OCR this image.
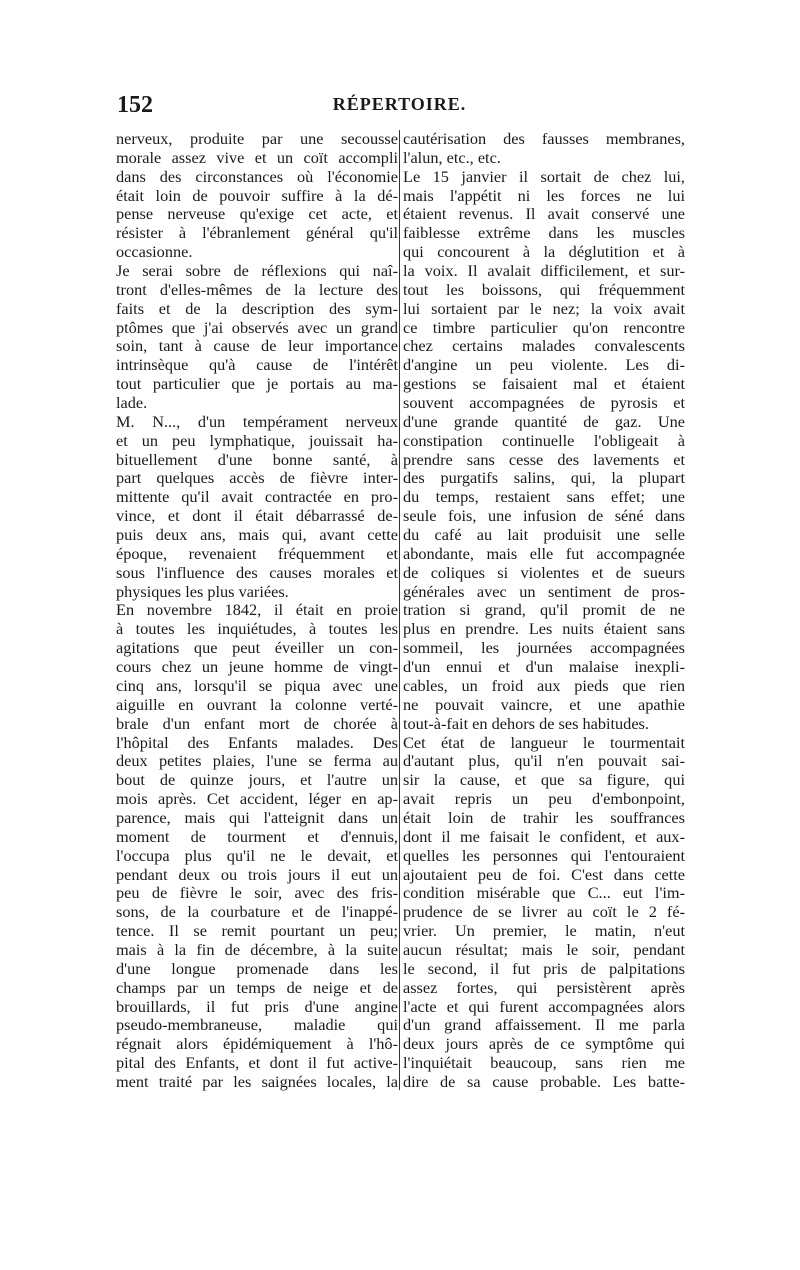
152	RÉPERTOIRE.
nerveux, produite par une secousse
morale assez vive et un coït accompli
dans des circonstances où l'économie
était loin de pouvoir suffire à la dé-
pense nerveuse qu'exige cet acte, et
résister à l'ébranlement général qu'il
occasionne.
Je serai sobre de réflexions qui naî-
tront d'elles-mêmes de la lecture des
faits et de la description des sym-
ptômes que j'ai observés avec un grand
soin, tant à cause de leur importance
intrinsèque qu'à cause de l'intérêt
tout particulier que je portais au ma-
lade.
M. N..., d'un tempérament nerveux
et un peu lymphatique, jouissait ha-
bituellement d'une bonne santé, à
part quelques accès de fièvre inter-
mittente qu'il avait contractée en pro-
vince, et dont il était débarrassé de-
puis deux ans, mais qui, avant cette
époque, revenaient fréquemment et
sous l'influence des causes morales et
physiques les plus variées.
En novembre 1842, il était en proie
à toutes les inquiétudes, à toutes les
agitations que peut éveiller un con-
cours chez un jeune homme de vingt-
cinq ans, lorsqu'il se piqua avec une
aiguille en ouvrant la colonne verté-
brale d'un enfant mort de chorée à
l'hôpital des Enfants malades. Des
deux petites plaies, l'une se ferma au
bout de quinze jours, et l'autre un
mois après. Cet accident, léger en ap-
parence, mais qui l'atteignit dans un
moment de tourment et d'ennuis,
l'occupa plus qu'il ne le devait, et
pendant deux ou trois jours il eut un
peu de fièvre le soir, avec des fris-
sons, de la courbature et de l'inappé-
tence. Il se remit pourtant un peu;
mais à la fin de décembre, à la suite
d'une longue promenade dans les
champs par un temps de neige et de
brouillards, il fut pris d'une angine
pseudo-membraneuse, maladie qui
régnait alors épidémiquement à l'hô-
pital des Enfants, et dont il fut active-
ment traité par les saignées locales, la
cautérisation des fausses membranes,
l'alun, etc., etc.
Le 15 janvier il sortait de chez lui,
mais l'appétit ni les forces ne lui
étaient revenus. Il avait conservé une
faiblesse extrême dans les muscles
qui concourent à la déglutition et à
la voix. Il avalait difficilement, et sur-
tout les boissons, qui fréquemment
lui sortaient par le nez; la voix avait
ce timbre particulier qu'on rencontre
chez certains malades convalescents
d'angine un peu violente. Les di-
gestions se faisaient mal et étaient
souvent accompagnées de pyrosis et
d'une grande quantité de gaz. Une
constipation continuelle l'obligeait à
prendre sans cesse des lavements et
des purgatifs salins, qui, la plupart
du temps, restaient sans effet; une
seule fois, une infusion de séné dans
du café au lait produisit une selle
abondante, mais elle fut accompagnée
de coliques si violentes et de sueurs
générales avec un sentiment de pros-
tration si grand, qu'il promit de ne
plus en prendre. Les nuits étaient sans
sommeil, les journées accompagnées
d'un ennui et d'un malaise inexpli-
cables, un froid aux pieds que rien
ne pouvait vaincre, et une apathie
tout-à-fait en dehors de ses habitudes.
Cet état de langueur le tourmentait
d'autant plus, qu'il n'en pouvait sai-
sir la cause, et que sa figure, qui
avait repris un peu d'embonpoint,
était loin de trahir les souffrances
dont il me faisait le confident, et aux-
quelles les personnes qui l'entouraient
ajoutaient peu de foi. C'est dans cette
condition misérable que C... eut l'im-
prudence de se livrer au coït le 2 fé-
vrier. Un premier, le matin, n'eut
aucun résultat; mais le soir, pendant
le second, il fut pris de palpitations
assez fortes, qui persistèrent après
l'acte et qui furent accompagnées alors
d'un grand affaissement. Il me parla
deux jours après de ce symptôme qui
l'inquiétait beaucoup, sans rien me
dire de sa cause probable. Les batte-
